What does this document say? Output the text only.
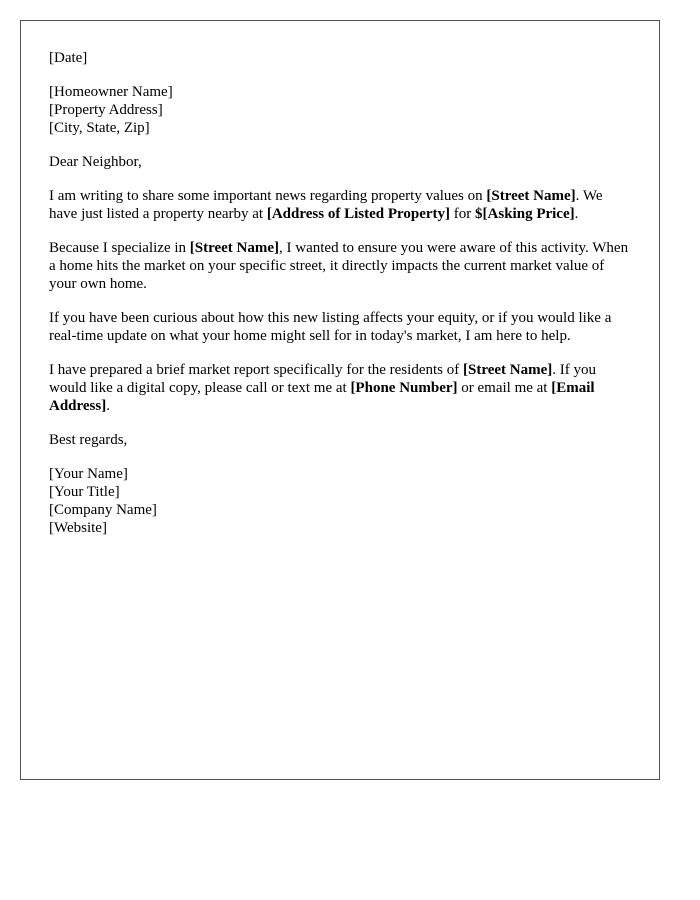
[Date]
[Homeowner Name]
[Property Address]
[City, State, Zip]

Dear Neighbor,

I am writing to share some important news regarding property values on [Street Name]. We have just listed a property nearby at [Address of Listed Property] for $[Asking Price].

Because I specialize in [Street Name], I wanted to ensure you were aware of this activity. When a home hits the market on your specific street, it directly impacts the current market value of your own home.

If you have been curious about how this new listing affects your equity, or if you would like a real-time update on what your home might sell for in today's market, I am here to help.

I have prepared a brief market report specifically for the residents of [Street Name]. If you would like a digital copy, please call or text me at [Phone Number] or email me at [Email Address].

Best regards,

[Your Name]
[Your Title]
[Company Name]
[Website]
